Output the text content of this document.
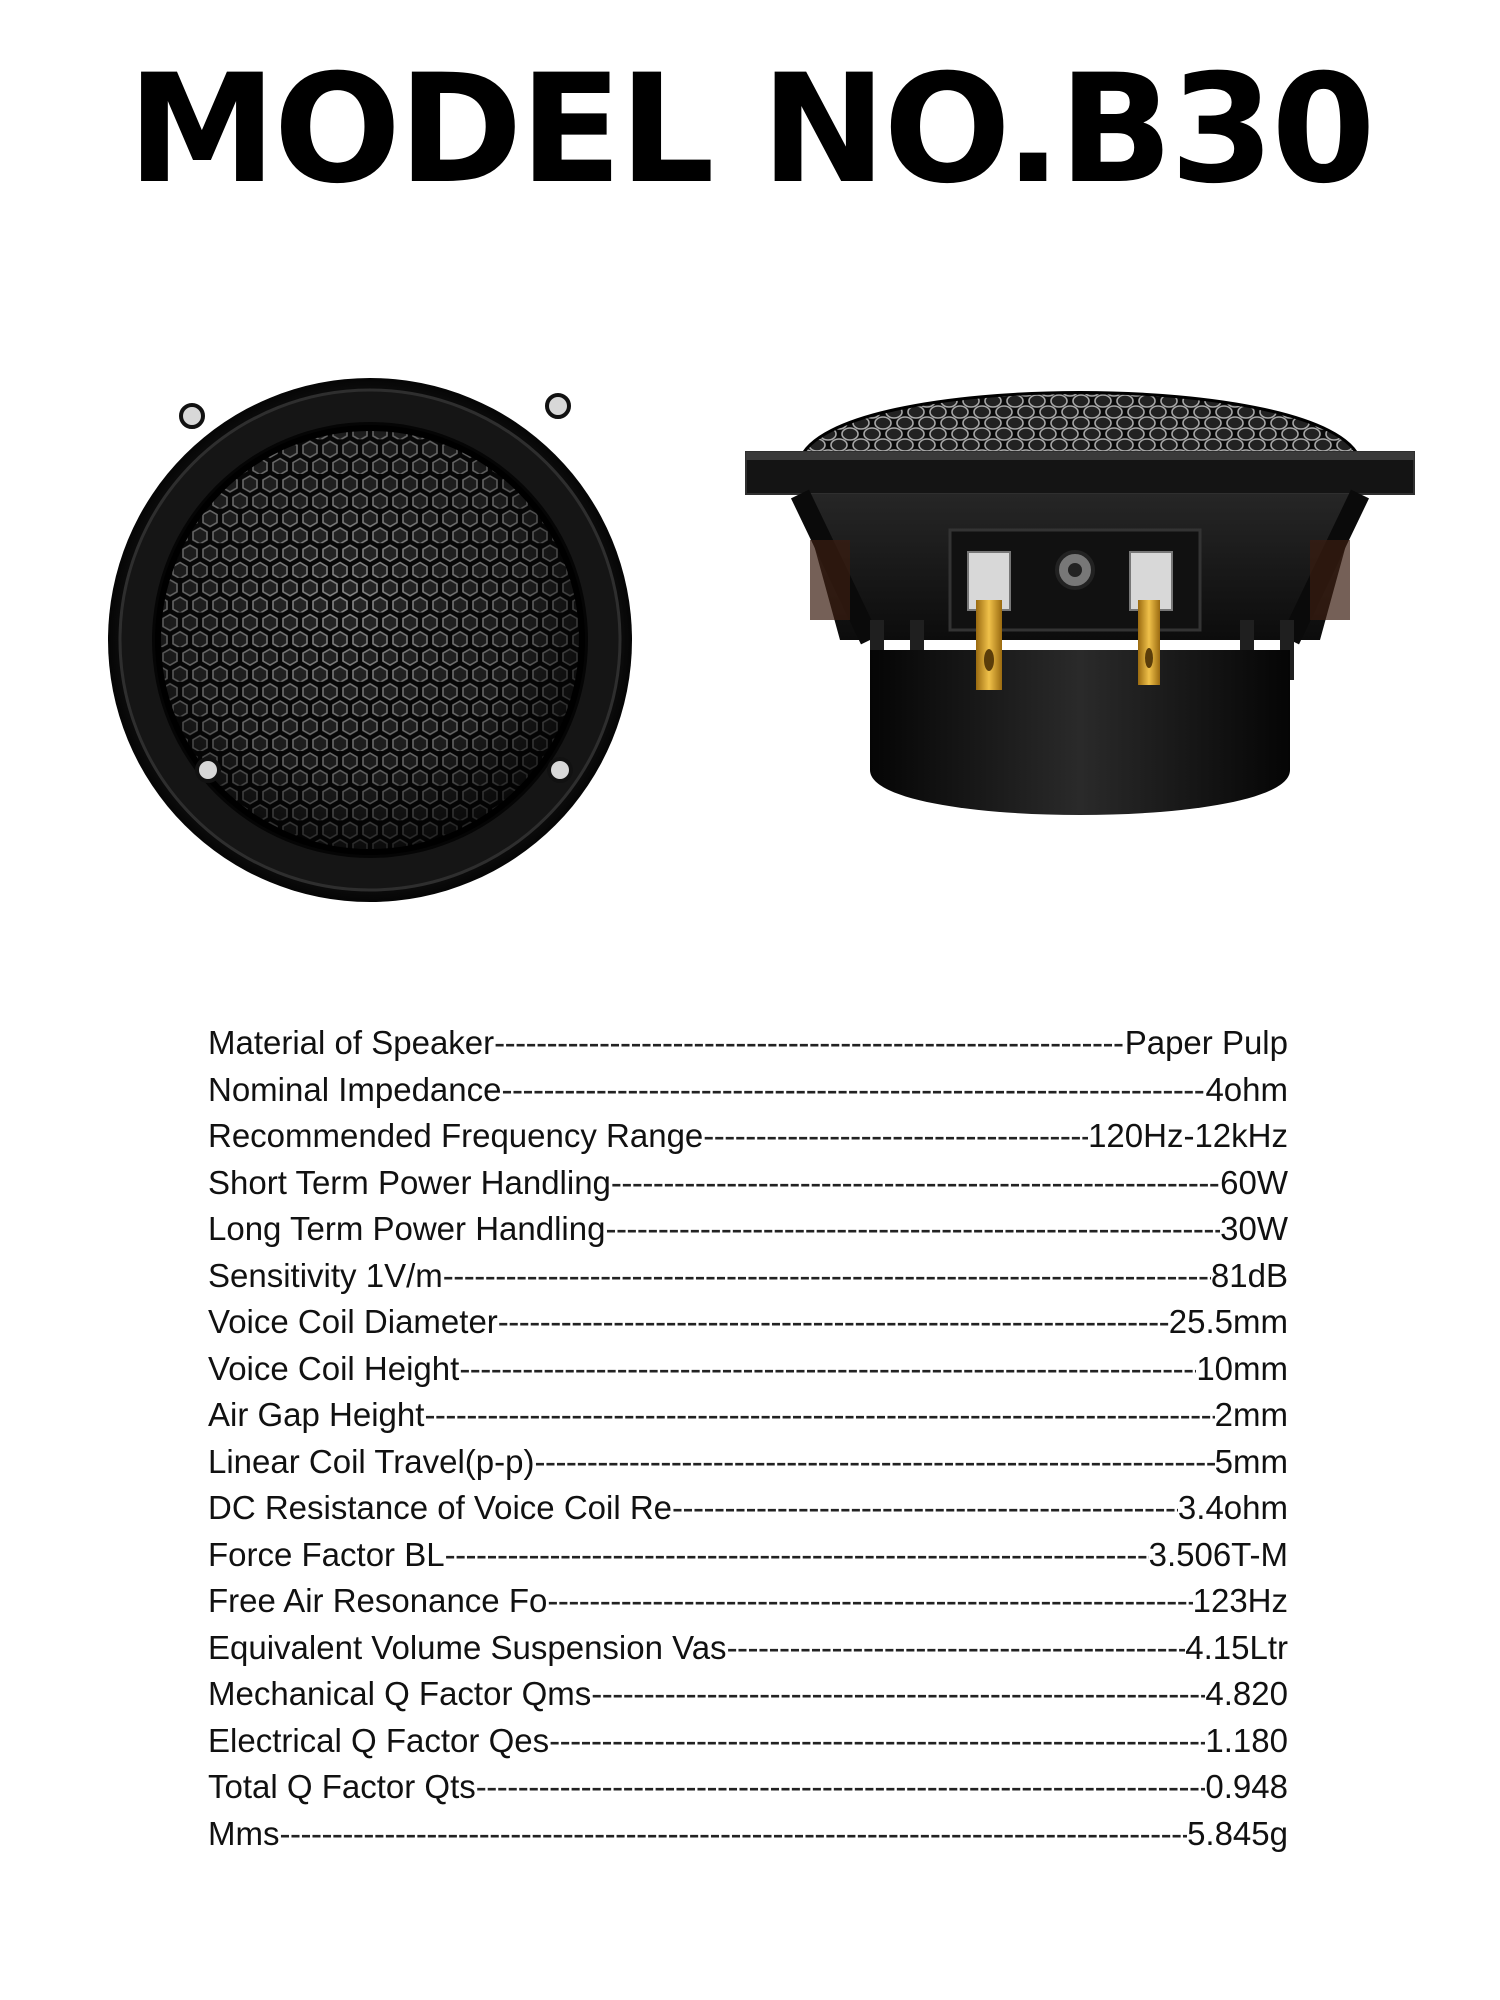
MODEL NO.B30
Material of Speaker -----	Paper Pulp
Nominal Impedance -----	4ohm
Recommended Frequency Range -----	120Hz-12kHz
Short Term Power Handling -----	60W
Long Term Power Handling -----	30W
Sensitivity 1V/m -----	81dB
Voice Coil Diameter -----	25.5mm
Voice Coil Height -----	10mm
Air Gap Height -----	2mm
Linear Coil Travel(p-p) -----	5mm
DC Resistance of Voice Coil Re -----	3.4ohm
Force Factor BL -----	3.506T-M
Free Air Resonance Fo -----	123Hz
Equivalent Volume Suspension Vas -----	4.15Ltr
Mechanical Q Factor Qms -----	4.820
Electrical Q Factor Qes -----	1.180
Total Q Factor Qts -----	0.948
Mms -----	5.845g
